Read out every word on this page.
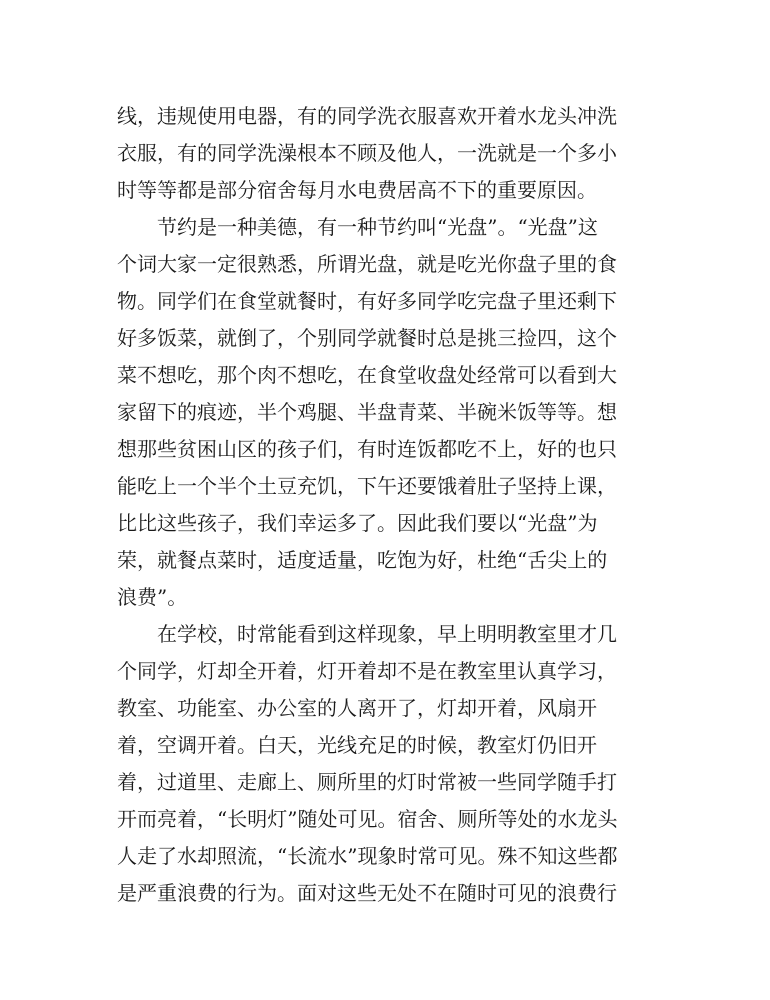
线，违规使用电器，有的同学洗衣服喜欢开着水龙头冲洗
衣服，有的同学洗澡根本不顾及他人，一洗就是一个多小
时等等都是部分宿舍每月水电费居高不下的重要原因。
节约是一种美德，有一种节约叫“光盘”。“光盘”这
个词大家一定很熟悉，所谓光盘，就是吃光你盘子里的食
物。同学们在食堂就餐时，有好多同学吃完盘子里还剩下
好多饭菜，就倒了，个别同学就餐时总是挑三捡四，这个
菜不想吃，那个肉不想吃，在食堂收盘处经常可以看到大
家留下的痕迹，半个鸡腿、半盘青菜、半碗米饭等等。想
想那些贫困山区的孩子们，有时连饭都吃不上，好的也只
能吃上一个半个土豆充饥，下午还要饿着肚子坚持上课，
比比这些孩子，我们幸运多了。因此我们要以“光盘”为
荣，就餐点菜时，适度适量，吃饱为好，杜绝“舌尖上的
浪费”。
在学校，时常能看到这样现象，早上明明教室里才几
个同学，灯却全开着，灯开着却不是在教室里认真学习，
教室、功能室、办公室的人离开了，灯却开着，风扇开
着，空调开着。白天，光线充足的时候，教室灯仍旧开
着，过道里、走廊上、厕所里的灯时常被一些同学随手打
开而亮着，“长明灯”随处可见。宿舍、厕所等处的水龙头
人走了水却照流，“长流水”现象时常可见。殊不知这些都
是严重浪费的行为。面对这些无处不在随时可见的浪费行
